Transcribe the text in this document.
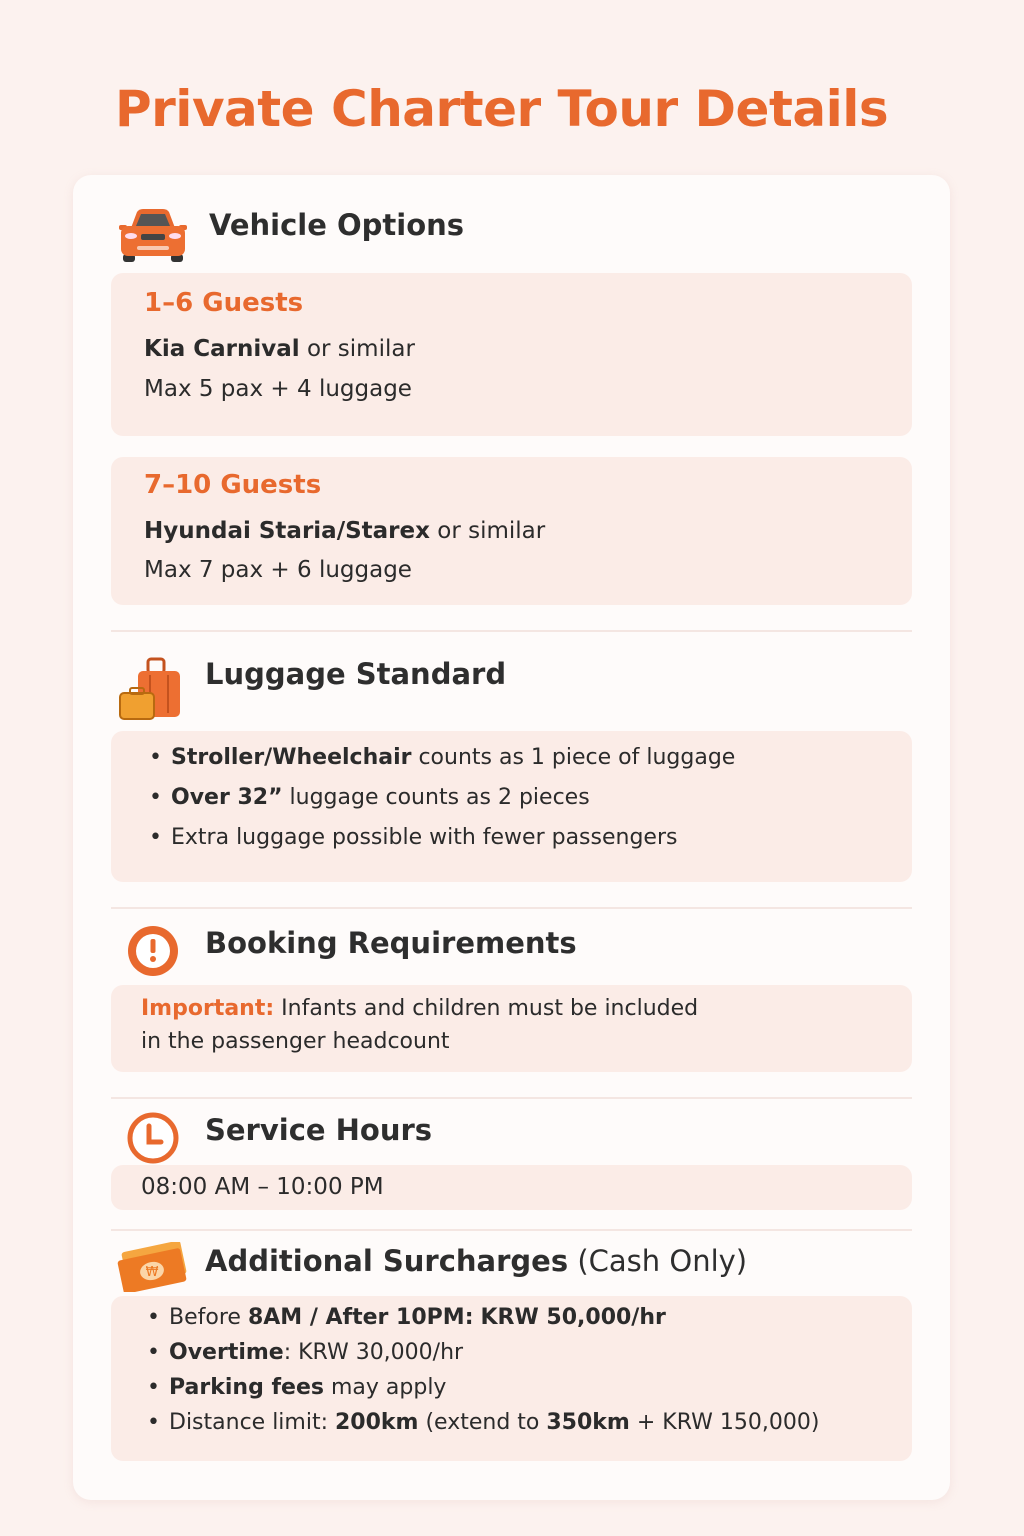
Private Charter Tour Details
Vehicle Options
1–6 Guests
Kia Carnival or similar
Max 5 pax + 4 luggage
7–10 Guests
Hyundai Staria/Starex or similar
Max 7 pax + 6 luggage
Luggage Standard
• Stroller/Wheelchair counts as 1 piece of luggage
• Over 32” luggage counts as 2 pieces
• Extra luggage possible with fewer passengers
Booking Requirements
Important: Infants and children must be included
in the passenger headcount
Service Hours
08:00 AM – 10:00 PM
₩ Additional Surcharges (Cash Only)
• Before 8AM / After 10PM: KRW 50,000/hr
• Overtime: KRW 30,000/hr
• Parking fees may apply
• Distance limit: 200km (extend to 350km + KRW 150,000)
